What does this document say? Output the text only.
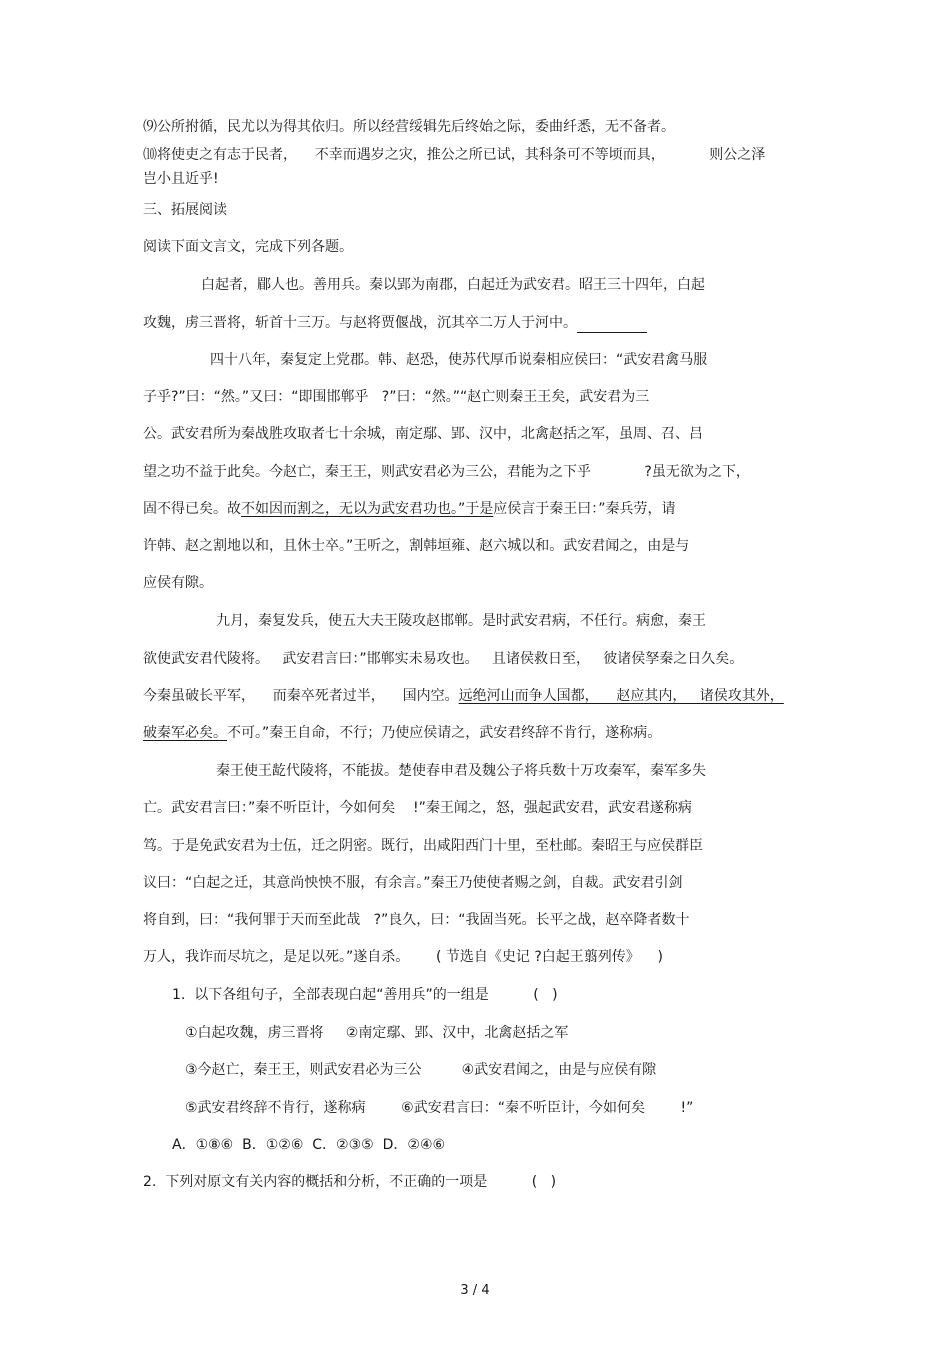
⑼公所拊循，民尤以为得其依归。所以经营绥辑先后终始之际，委曲纤悉，无不备者。
⑽将使吏之有志于民者，    不幸而遇岁之灾，推公之所已试，其科条可不等顷而具，          则公之泽
岂小且近乎!
三、拓展阅读
阅读下面文言文，完成下列各题。
白起者，郿人也。善用兵。秦以郢为南郡，白起迁为武安君。昭王三十四年，白起
攻魏，虏三晋将，斩首十三万。与赵将贾偃战，沉其卒二万人于河中。
四十八年，秦复定上党郡。韩、赵恐，使苏代厚币说秦相应侯曰：“武安君禽马服
子乎?”曰：“然。”又曰：“即围邯郸乎   ?”曰：“然。”“赵亡则秦王王矣，武安君为三
公。武安君所为秦战胜攻取者七十余城，南定鄢、郢、汉中，北禽赵括之军，虽周、召、吕
望之功不益于此矣。今赵亡，秦王王，则武安君必为三公，君能为之下乎            ?虽无欲为之下，
固不得已矣。故不如因而割之，无以为武安君功也。”于是应侯言于秦王曰：”秦兵劳，请
许韩、赵之割地以和，且休士卒。”王听之，割韩垣雍、赵六城以和。武安君闻之，由是与
应侯有隙。
九月，秦复发兵，使五大夫王陵攻赵邯郸。是时武安君病，不任行。病愈，秦王
欲使武安君代陵将。   武安君言曰：”邯郸实未易攻也。   且诸侯救日至，   彼诸侯孥秦之日久矣。
今秦虽破长平军，    而秦卒死者过半，    国内空。远绝河山而争人国都，    赵应其内，   诸侯攻其外，
破秦军必矣。不可。”秦王自命，不行；乃使应侯请之，武安君终辞不肯行，遂称病。
秦王使王龁代陵将，不能拔。楚使春申君及魏公子将兵数十万攻秦军，秦军多失
亡。武安君言曰：”秦不听臣计，今如何矣    !”秦王闻之，怒，强起武安君，武安君遂称病
笃。于是免武安君为士伍，迁之阴密。既行，出咸阳西门十里，至杜邮。秦昭王与应侯群臣
议曰：“白起之迁，其意尚怏怏不服，有余言。”秦王乃使使者赐之剑，自裁。武安君引剑
将自到，曰：“我何罪于天而至此哉   ?”良久，曰：“我固当死。长平之战，赵卒降者数十
万人，我诈而尽坑之，是足以死。”遂自杀。      ( 节选自《史记 ?白起王翦列传》    )
1.  以下各组句子，全部表现白起“善用兵”的一组是          (   )
①白起攻魏，虏三晋将     ②南定鄢、郢、汉中，北禽赵括之军
③今赵亡，秦王王，则武安君必为三公         ④武安君闻之，由是与应侯有隙
⑤武安君终辞不肯行，遂称病        ⑥武安君言曰：“秦不听臣计，今如何矣        !”
A．①⑧⑥  B．①②⑥  C．②③⑤  D．②④⑥
2.  下列对原文有关内容的概括和分析，不正确的一项是          (   )
3 / 4
